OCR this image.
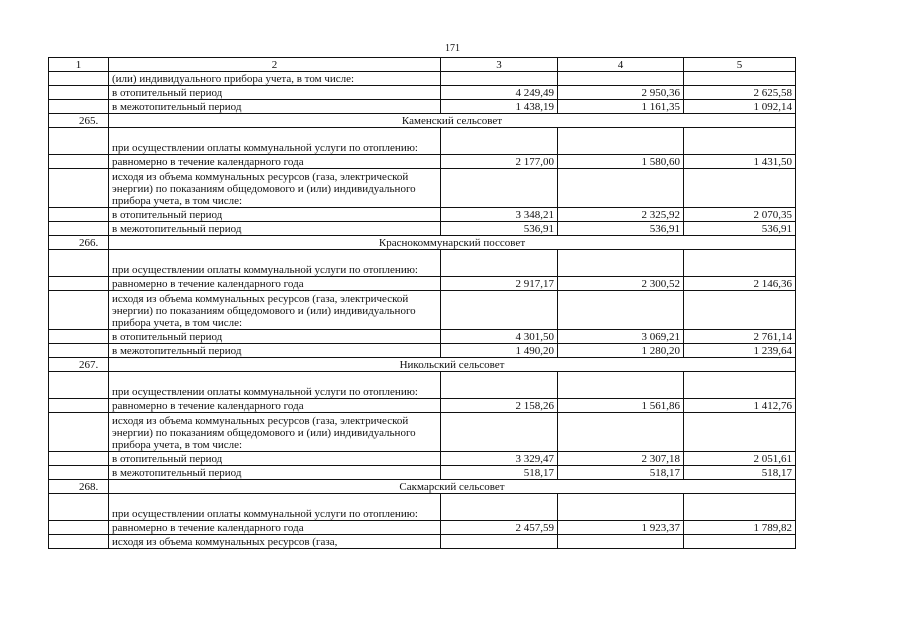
171
1	2	3	4	5
	(или) индивидуального прибора учета, в том числе:			
	в отопительный период	4 249,49	2 950,36	2 625,58
	в межотопительный период	1 438,19	1 161,35	1 092,14
265.	Каменский сельсовет			
	при осуществлении оплаты коммунальной услуги по отоплению:			
	равномерно в течение календарного года	2 177,00	1 580,60	1 431,50
	исходя из объема коммунальных ресурсов (газа, электрической энергии) по показаниям общедомового и (или) индивидуального прибора учета, в том числе:			
	в отопительный период	3 348,21	2 325,92	2 070,35
	в межотопительный период	536,91	536,91	536,91
266.	Краснокоммунарский поссовет			
	при осуществлении оплаты коммунальной услуги по отоплению:			
	равномерно в течение календарного года	2 917,17	2 300,52	2 146,36
	исходя из объема коммунальных ресурсов (газа, электрической энергии) по показаниям общедомового и (или) индивидуального прибора учета, в том числе:			
	в отопительный период	4 301,50	3 069,21	2 761,14
	в межотопительный период	1 490,20	1 280,20	1 239,64
267.	Никольский сельсовет			
	при осуществлении оплаты коммунальной услуги по отоплению:			
	равномерно в течение календарного года	2 158,26	1 561,86	1 412,76
	исходя из объема коммунальных ресурсов (газа, электрической энергии) по показаниям общедомового и (или) индивидуального прибора учета, в том числе:			
	в отопительный период	3 329,47	2 307,18	2 051,61
	в межотопительный период	518,17	518,17	518,17
268.	Сакмарский сельсовет			
	при осуществлении оплаты коммунальной услуги по отоплению:			
	равномерно в течение календарного года	2 457,59	1 923,37	1 789,82
	исходя из объема коммунальных ресурсов (газа,			
